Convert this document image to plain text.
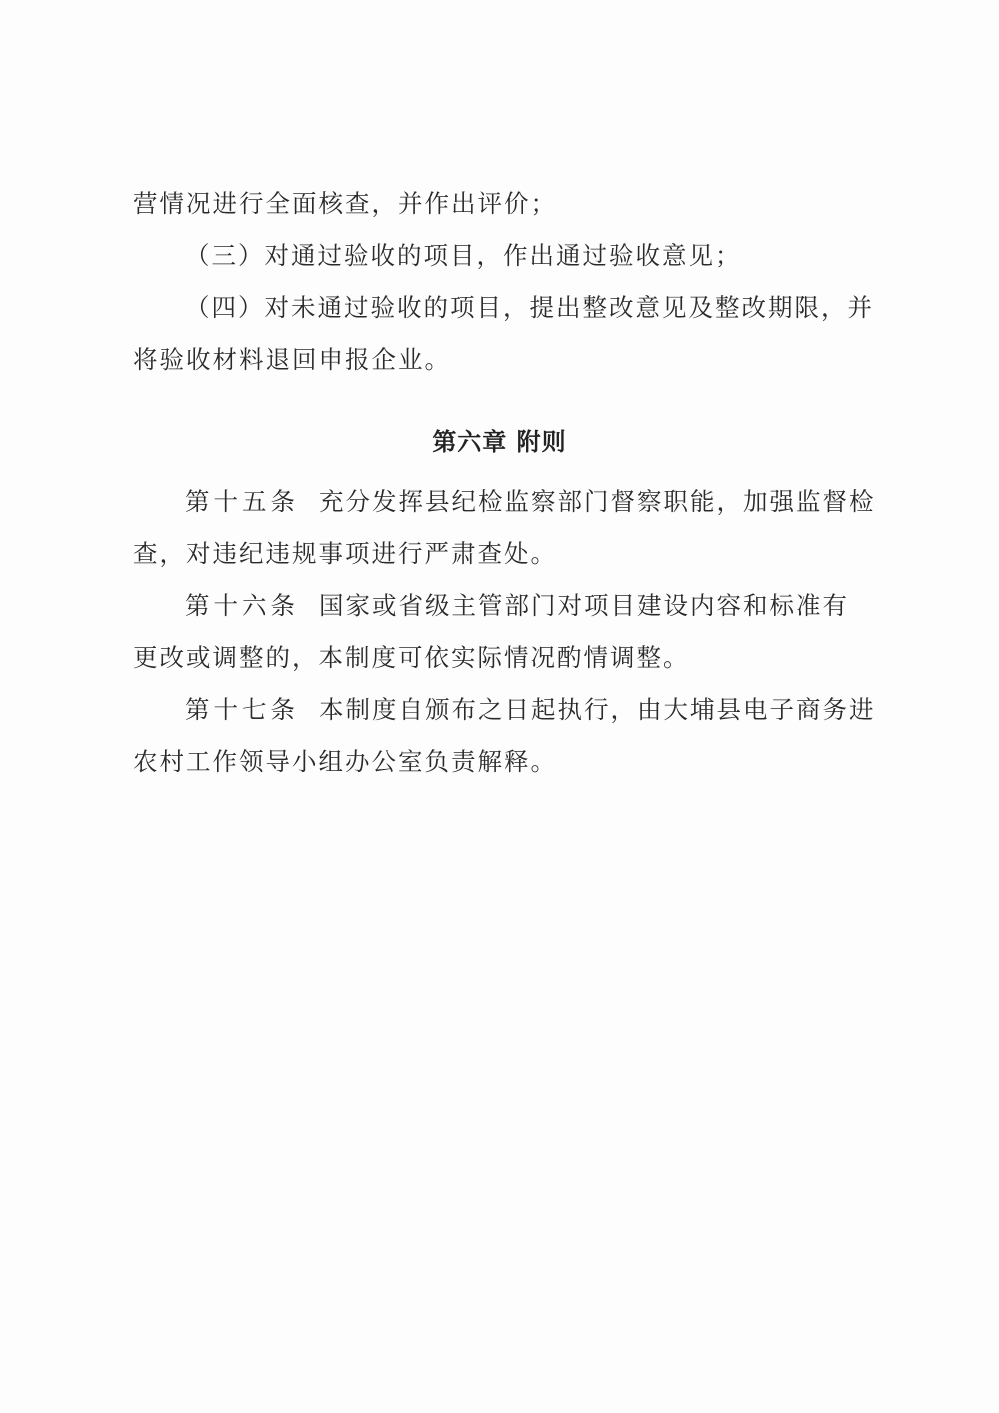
营情况进行全面核查，并作出评价；
（三）对通过验收的项目，作出通过验收意见；
（四）对未通过验收的项目，提出整改意见及整改期限，并
将验收材料退回申报企业。
第六章 附则
第十五条 充分发挥县纪检监察部门督察职能，加强监督检
查，对违纪违规事项进行严肃查处。
第十六条 国家或省级主管部门对项目建设内容和标准有
更改或调整的，本制度可依实际情况酌情调整。
第十七条 本制度自颁布之日起执行，由大埔县电子商务进
农村工作领导小组办公室负责解释。
